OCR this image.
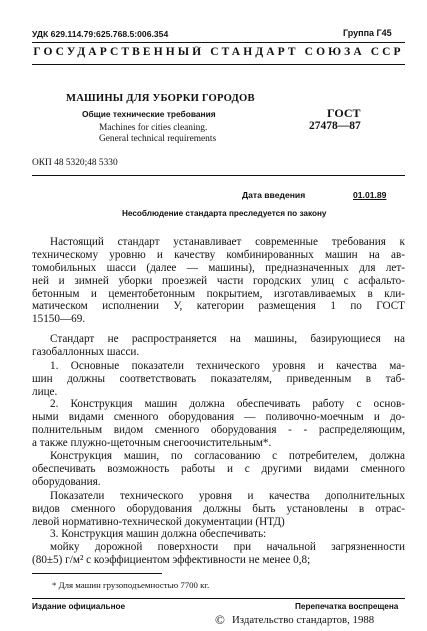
УДК 629.114.79:625.768.5:006.354	Группа Г45
ГОСУДАРСТВЕННЫЙ СТАНДАРТ СОЮЗА ССР
МАШИНЫ ДЛЯ УБОРКИ ГОРОДОВ
Общие технические требования
Machines for cities cleaning.
General technical requirements
ГОСТ
27478—87
ОКП 48 5320;48 5330
Дата введения	01.01.89
Несоблюдение стандарта преследуется по закону
Настоящий стандарт устанавливает современные требования к
техническому уровню и качеству комбинированных машин на ав-
томобильных шасси (далее — машины), предназначенных для лет-
ней и зимней уборки проезжей части городских улиц с асфальто-
бетонным и цементобетонным покрытием, изготавливаемых в кли-
матическом исполнении У, категории размещения 1 по ГОСТ
15150—69.
Стандарт не распространяется на машины, базирующиеся на
газобаллонных шасси.
1. Основные показатели технического уровня и качества ма-
шин должны соответствовать показателям, приведенным в таб-
лице.
2. Конструкция машин должна обеспечивать работу с основ-
ными видами сменного оборудования — поливочно-моечным и до-
полнительным видом сменного оборудования - - распределяющим,
а также плужно-щеточным снегоочистительным*.
Конструкция машин, по согласованию с потребителем, должна
обеспечивать возможность работы и с другими видами сменного
оборудования.
Показатели технического уровня и качества дополнительных
видов сменного оборудования должны быть установлены в отрас-
левой нормативно-технической документации (НТД)
3. Конструкция машин должна обеспечивать:
мойку дорожной поверхности при начальной загрязненности
(80±5) г/м² с коэффициентом эффективности не менее 0,8;
* Для машин грузоподъемностью 7700 кг.
Издание официальное	Перепечатка воспрещена
© Издательство стандартов, 1988
